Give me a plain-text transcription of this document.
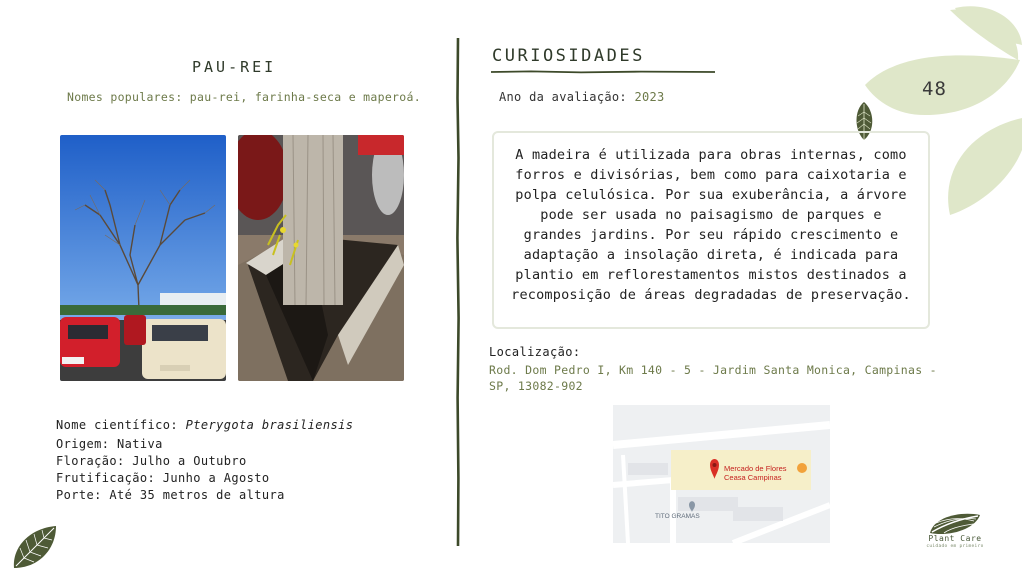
48
PAU-REI
Nomes populares: pau-rei, farinha-seca e maperoá.
Nome científico: Pterygota brasiliensis
Origem: Nativa
Floração: Julho a Outubro
Frutificação: Junho a Agosto
Porte: Até 35 metros de altura
CURIOSIDADES
Ano da avaliação: 2023
A madeira é utilizada para obras internas, como forros e divisórias, bem como para caixotaria e polpa celulósica. Por sua exuberância, a árvore pode ser usada no paisagismo de parques e grandes jardins. Por seu rápido crescimento e adaptação a insolação direta, é indicada para plantio em reflorestamentos mistos destinados a recomposição de áreas degradadas de preservação.
Localização:
Rod. Dom Pedro I, Km 140 - 5 - Jardim Santa Monica, Campinas - SP, 13082-902
Mercado de Flores
Ceasa Campinas
TITO GRAMAS
Plant Care
cuidado em primeiro
